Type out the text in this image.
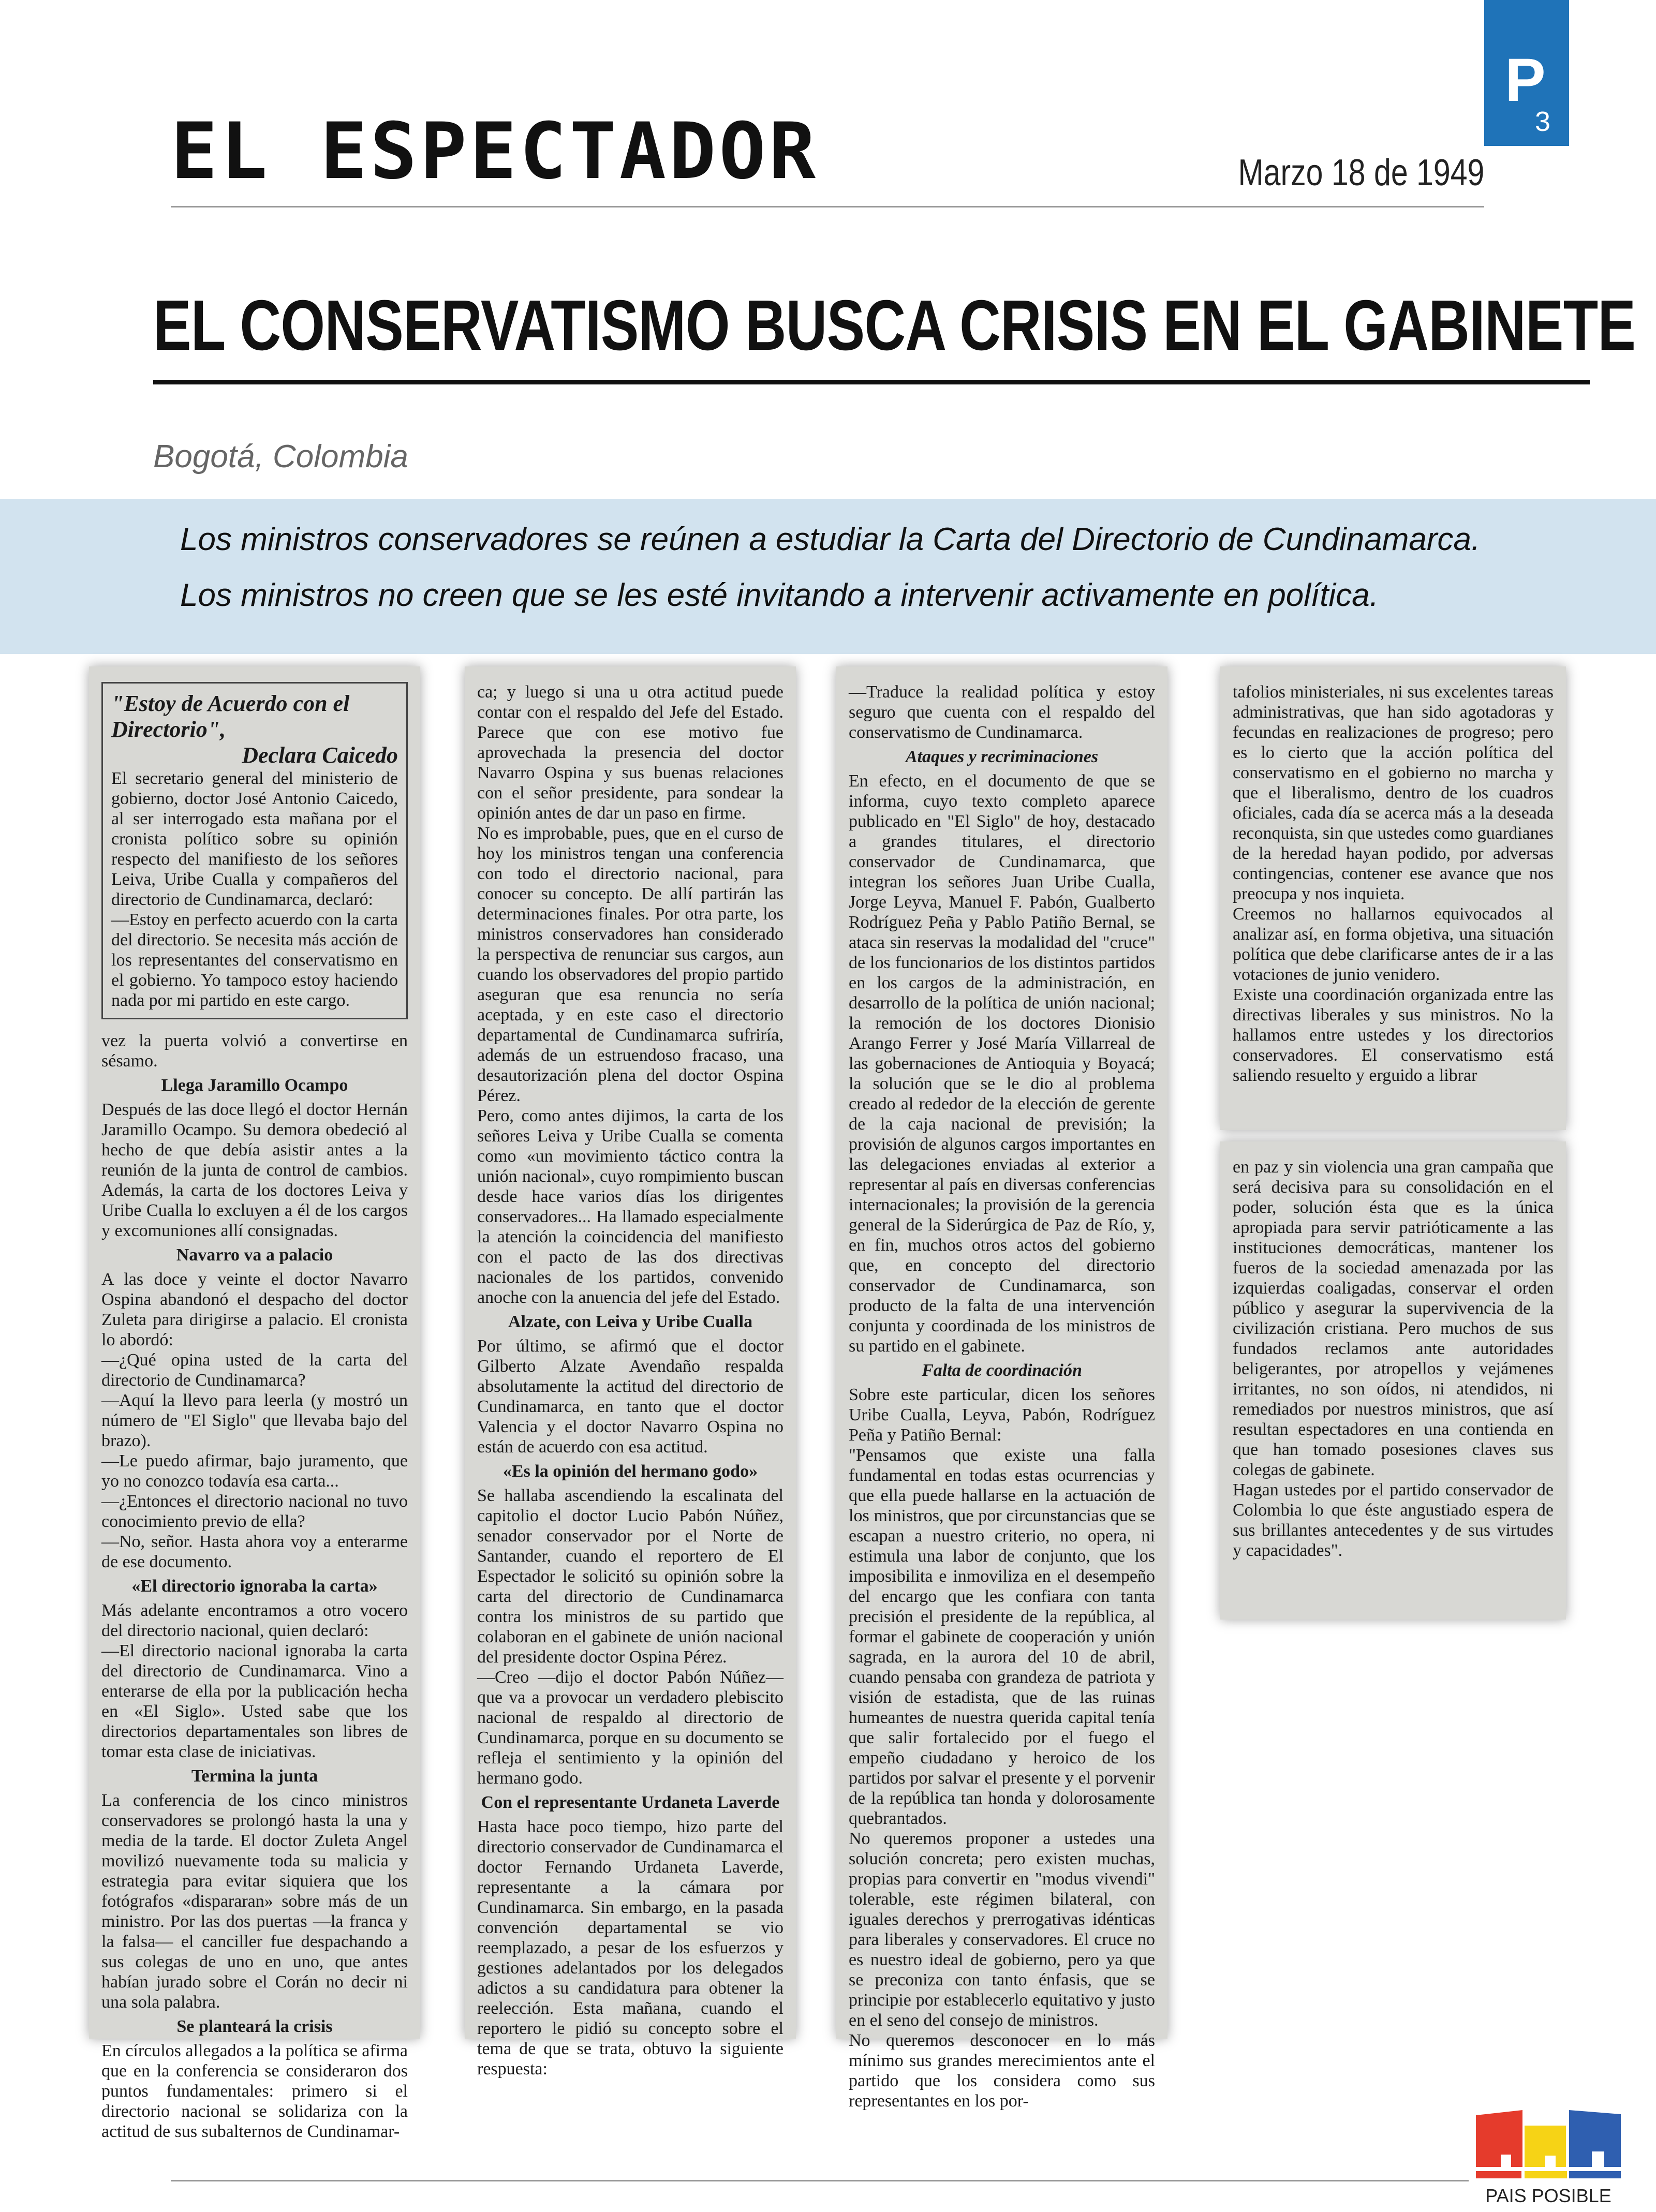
P
3
EL ESPECTADOR	Marzo 18 de 1949
EL CONSERVATISMO BUSCA CRISIS EN EL GABINETE
Bogotá, Colombia

Los ministros conservadores se reúnen a estudiar la Carta del Directorio de Cundinamarca.

Los ministros no creen que se les esté invitando a intervenir activamente en política.

"Estoy de Acuerdo con el Directorio",
Declara Caicedo

El secretario general del ministerio de gobierno, doctor José Antonio Caicedo, al ser interrogado esta mañana por el cronista político sobre su opinión respecto del manifiesto de los señores Leiva, Uribe Cualla y compañeros del directorio de Cundinamarca, declaró:

—Estoy en perfecto acuerdo con la carta del directorio. Se necesita más acción de los representantes del conservatismo en el gobierno. Yo tampoco estoy haciendo nada por mi partido en este cargo.

vez la puerta volvió a convertirse en sésamo.

Llega Jaramillo Ocampo

Después de las doce llegó el doctor Hernán Jaramillo Ocampo. Su demora obedeció al hecho de que debía asistir antes a la reunión de la junta de control de cambios. Además, la carta de los doctores Leiva y Uribe Cualla lo excluyen a él de los cargos y excomuniones allí consignadas.

Navarro va a palacio

A las doce y veinte el doctor Navarro Ospina abandonó el despacho del doctor Zuleta para dirigirse a palacio. El cronista lo abordó:

—¿Qué opina usted de la carta del directorio de Cundinamarca?

—Aquí la llevo para leerla (y mostró un número de "El Siglo" que llevaba bajo del brazo).

—Le puedo afirmar, bajo juramento, que yo no conozco todavía esa carta...

—¿Entonces el directorio nacional no tuvo conocimiento previo de ella?

—No, señor. Hasta ahora voy a enterarme de ese documento.

«El directorio ignoraba la carta»

Más adelante encontramos a otro vocero del directorio nacional, quien declaró:

—El directorio nacional ignoraba la carta del directorio de Cundinamarca. Vino a enterarse de ella por la publicación hecha en «El Siglo». Usted sabe que los directorios departamentales son libres de tomar esta clase de iniciativas.

Termina la junta

La conferencia de los cinco ministros conservadores se prolongó hasta la una y media de la tarde. El doctor Zuleta Angel movilizó nuevamente toda su malicia y estrategia para evitar siquiera que los fotógrafos «dispararan» sobre más de un ministro. Por las dos puertas —la franca y la falsa— el canciller fue despachando a sus colegas de uno en uno, que antes habían jurado sobre el Corán no decir ni una sola palabra.

Se planteará la crisis

En círculos allegados a la política se afirma que en la conferencia se consideraron dos puntos fundamentales: primero si el directorio nacional se solidariza con la actitud de sus subalternos de Cundinamar-

ca; y luego si una u otra actitud puede contar con el respaldo del Jefe del Estado. Parece que con ese motivo fue aprovechada la presencia del doctor Navarro Ospina y sus buenas relaciones con el señor presidente, para sondear la opinión antes de dar un paso en firme.

No es improbable, pues, que en el curso de hoy los ministros tengan una conferencia con todo el directorio nacional, para conocer su concepto. De allí partirán las determinaciones finales. Por otra parte, los ministros conservadores han considerado la perspectiva de renunciar sus cargos, aun cuando los observadores del propio partido aseguran que esa renuncia no sería aceptada, y en este caso el directorio departamental de Cundinamarca sufriría, además de un estruendoso fracaso, una desautorización plena del doctor Ospina Pérez.

Pero, como antes dijimos, la carta de los señores Leiva y Uribe Cualla se comenta como «un movimiento táctico contra la unión nacional», cuyo rompimiento buscan desde hace varios días los dirigentes conservadores... Ha llamado especialmente la atención la coincidencia del manifiesto con el pacto de las dos directivas nacionales de los partidos, convenido anoche con la anuencia del jefe del Estado.

Alzate, con Leiva y Uribe Cualla

Por último, se afirmó que el doctor Gilberto Alzate Avendaño respalda absolutamente la actitud del directorio de Cundinamarca, en tanto que el doctor Valencia y el doctor Navarro Ospina no están de acuerdo con esa actitud.

«Es la opinión del hermano godo»

Se hallaba ascendiendo la escalinata del capitolio el doctor Lucio Pabón Núñez, senador conservador por el Norte de Santander, cuando el reportero de El Espectador le solicitó su opinión sobre la carta del directorio de Cundinamarca contra los ministros de su partido que colaboran en el gabinete de unión nacional del presidente doctor Ospina Pérez.

—Creo —dijo el doctor Pabón Núñez— que va a provocar un verdadero plebiscito nacional de respaldo al directorio de Cundinamarca, porque en su documento se refleja el sentimiento y la opinión del hermano godo.

Con el representante Urdaneta Laverde

Hasta hace poco tiempo, hizo parte del directorio conservador de Cundinamarca el doctor Fernando Urdaneta Laverde, representante a la cámara por Cundinamarca. Sin embargo, en la pasada convención departamental se vio reemplazado, a pesar de los esfuerzos y gestiones adelantados por los delegados adictos a su candidatura para obtener la reelección. Esta mañana, cuando el reportero le pidió su concepto sobre el tema de que se trata, obtuvo la siguiente respuesta:

—Traduce la realidad política y estoy seguro que cuenta con el respaldo del conservatismo de Cundinamarca.

Ataques y recriminaciones

En efecto, en el documento de que se informa, cuyo texto completo aparece publicado en "El Siglo" de hoy, destacado a grandes titulares, el directorio conservador de Cundinamarca, que integran los señores Juan Uribe Cualla, Jorge Leyva, Manuel F. Pabón, Gualberto Rodríguez Peña y Pablo Patiño Bernal, se ataca sin reservas la modalidad del "cruce" de los funcionarios de los distintos partidos en los cargos de la administración, en desarrollo de la política de unión nacional; la remoción de los doctores Dionisio Arango Ferrer y José María Villarreal de las gobernaciones de Antioquia y Boyacá; la solución que se le dio al problema creado al rededor de la elección de gerente de la caja nacional de previsión; la provisión de algunos cargos importantes en las delegaciones enviadas al exterior a representar al país en diversas conferencias internacionales; la provisión de la gerencia general de la Siderúrgica de Paz de Río, y, en fin, muchos otros actos del gobierno que, en concepto del directorio conservador de Cundinamarca, son producto de la falta de una intervención conjunta y coordinada de los ministros de su partido en el gabinete.

Falta de coordinación

Sobre este particular, dicen los señores Uribe Cualla, Leyva, Pabón, Rodríguez Peña y Patiño Bernal:

"Pensamos que existe una falla fundamental en todas estas ocurrencias y que ella puede hallarse en la actuación de los ministros, que por circunstancias que se escapan a nuestro criterio, no opera, ni estimula una labor de conjunto, que los imposibilita e inmoviliza en el desempeño del encargo que les confiara con tanta precisión el presidente de la república, al formar el gabinete de cooperación y unión sagrada, en la aurora del 10 de abril, cuando pensaba con grandeza de patriota y visión de estadista, que de las ruinas humeantes de nuestra querida capital tenía que salir fortalecido por el fuego el empeño ciudadano y heroico de los partidos por salvar el presente y el porvenir de la república tan honda y dolorosamente quebrantados.

No queremos proponer a ustedes una solución concreta; pero existen muchas, propias para convertir en "modus vivendi" tolerable, este régimen bilateral, con iguales derechos y prerrogativas idénticas para liberales y conservadores. El cruce no es nuestro ideal de gobierno, pero ya que se preconiza con tanto énfasis, que se principie por establecerlo equitativo y justo en el seno del consejo de ministros.

No queremos desconocer en lo más mínimo sus grandes merecimientos ante el partido que los considera como sus representantes en los por-

tafolios ministeriales, ni sus excelentes tareas administrativas, que han sido agotadoras y fecundas en realizaciones de progreso; pero es lo cierto que la acción política del conservatismo en el gobierno no marcha y que el liberalismo, dentro de los cuadros oficiales, cada día se acerca más a la deseada reconquista, sin que ustedes como guardianes de la heredad hayan podido, por adversas contingencias, contener ese avance que nos preocupa y nos inquieta.

Creemos no hallarnos equivocados al analizar así, en forma objetiva, una situación política que debe clarificarse antes de ir a las votaciones de junio venidero.

Existe una coordinación organizada entre las directivas liberales y sus ministros. No la hallamos entre ustedes y los directorios conservadores. El conservatismo está saliendo resuelto y erguido a librar

en paz y sin violencia una gran campaña que será decisiva para su consolidación en el poder, solución ésta que es la única apropiada para servir patrióticamente a las instituciones democráticas, mantener los fueros de la sociedad amenazada por las izquierdas coaligadas, conservar el orden público y asegurar la supervivencia de la civilización cristiana. Pero muchos de sus fundados reclamos ante autoridades beligerantes, por atropellos y vejámenes irritantes, no son oídos, ni atendidos, ni remediados por nuestros ministros, que así resultan espectadores en una contienda en que han tomado posesiones claves sus colegas de gabinete.

Hagan ustedes por el partido conservador de Colombia lo que éste angustiado espera de sus brillantes antecedentes y de sus virtudes y capacidades".

PAIS POSIBLE
